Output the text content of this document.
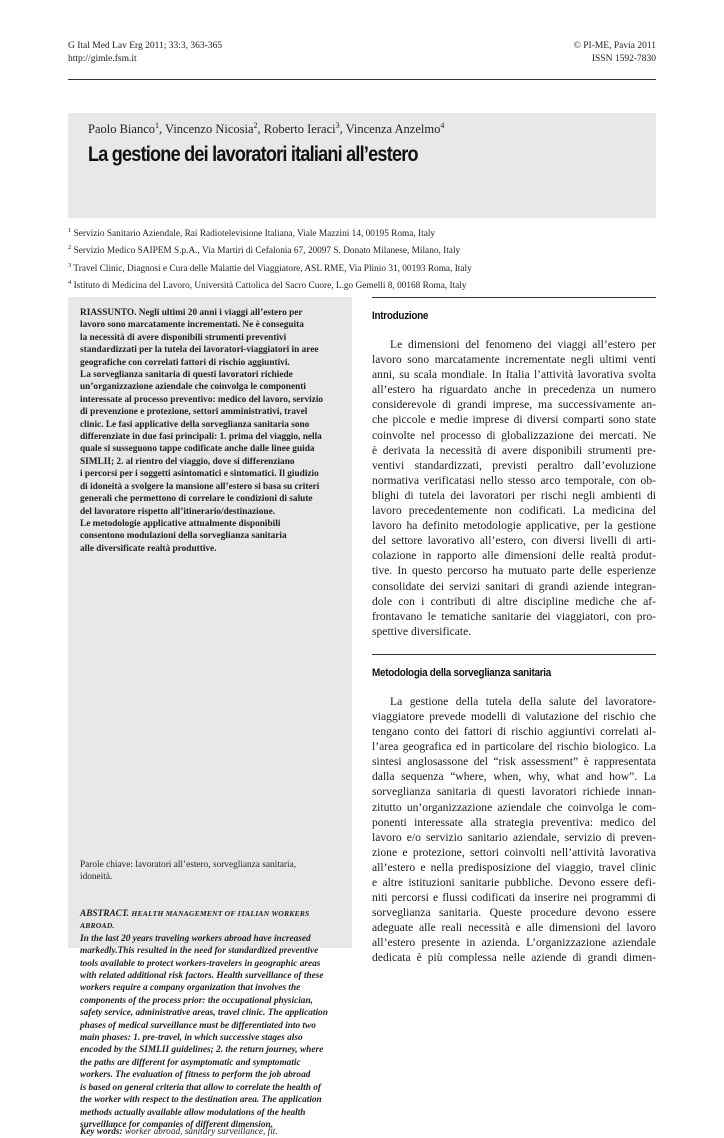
G Ital Med Lav Erg 2011; 33:3, 363-365
http://gimle.fsm.it
© PI-ME, Pavia 2011
ISSN 1592-7830
Paolo Bianco$^1$, Vincenzo Nicosia$^2$, Roberto Ieraci$^3$, Vincenza Anzelmo$^4$
La gestione dei lavoratori italiani all’estero
$^1$ Servizio Sanitario Aziendale, Rai Radiotelevisione Italiana, Viale Mazzini 14, 00195 Roma, Italy
$^2$ Servizio Medico SAIPEM S.p.A., Via Martiri di Cefalonia 67, 20097 S. Donato Milanese, Milano, Italy
$^3$ Travel Clinic, Diagnosi e Cura delle Malattie del Viaggiatore, ASL RME, Via Plinio 31, 00193 Roma, Italy
$^4$ Istituto di Medicina del Lavoro, Università Cattolica del Sacro Cuore, L.go Gemelli 8, 00168 Roma, Italy
RIASSUNTO. Negli ultimi 20 anni i viaggi all’estero per
lavoro sono marcatamente incrementati. Ne è conseguita
la necessità di avere disponibili strumenti preventivi
standardizzati per la tutela dei lavoratori-viaggiatori in aree
geografiche con correlati fattori di rischio aggiuntivi.
La sorveglianza sanitaria di questi lavoratori richiede
un’organizzazione aziendale che coinvolga le componenti
interessate al processo preventivo: medico del lavoro, servizio
di prevenzione e protezione, settori amministrativi, travel
clinic. Le fasi applicative della sorveglianza sanitaria sono
differenziate in due fasi principali: 1. prima del viaggio, nella
quale si susseguono tappe codificate anche dalle linee guida
SIMLII; 2. al rientro del viaggio, dove si differenziano
i percorsi per i soggetti asintomatici e sintomatici. Il giudizio
di idoneità a svolgere la mansione all’estero si basa su criteri
generali che permettono di correlare le condizioni di salute
del lavoratore rispetto all’itinerario/destinazione.
Le metodologie applicative attualmente disponibili
consentono modulazioni della sorveglianza sanitaria
alle diversificate realtà produttive.
Parole chiave: lavoratori all’estero, sorveglianza sanitaria,
idoneità.
ABSTRACT. HEALTH MANAGEMENT OF ITALIAN WORKERS ABROAD.
In the last 20 years traveling workers abroad have increased
markedly.This resulted in the need for standardized preventive
tools available to protect workers-travelers in geographic areas
with related additional risk factors. Health surveillance of these
workers require a company organization that involves the
components of the process prior: the occupational physician,
safety service, administrative areas, travel clinic. The application
phases of medical surveillance must be differentiated into two
main phases: 1. pre-travel, in which successive stages also
encoded by the SIMLII guidelines; 2. the return journey, where
the paths are different for asymptomatic and symptomatic
workers. The evaluation of fitness to perform the job abroad
is based on general criteria that allow to correlate the health of
the worker with respect to the destination area. The application
methods actually available allow modulations of the health
surveillance for companies of different dimension.
Key words: worker abroad, sanitary surveillance, fit.
Introduzione
Le dimensioni del fenomeno dei viaggi all’estero per
lavoro sono marcatamente incrementate negli ultimi venti
anni, su scala mondiale. In Italia l’attività lavorativa svolta
all’estero ha riguardato anche in precedenza un numero
considerevole di grandi imprese, ma successivamente an-
che piccole e medie imprese di diversi comparti sono state
coinvolte nel processo di globalizzazione dei mercati. Ne
è derivata la necessità di avere disponibili strumenti pre-
ventivi standardizzati, previsti peraltro dall’evoluzione
normativa verificatasi nello stesso arco temporale, con ob-
blighi di tutela dei lavoratori per rischi negli ambienti di
lavoro precedentemente non codificati. La medicina del
lavoro ha definito metodologie applicative, per la gestione
del settore lavorativo all’estero, con diversi livelli di arti-
colazione in rapporto alle dimensioni delle realtà produt-
tive. In questo percorso ha mutuato parte delle esperienze
consolidate dei servizi sanitari di grandi aziende integran-
dole con i contributi di altre discipline mediche che af-
frontavano le tematiche sanitarie dei viaggiatori, con pro-
spettive diversificate.
Metodologia della sorveglianza sanitaria
La gestione della tutela della salute del lavoratore-
viaggiatore prevede modelli di valutazione del rischio che
tengano conto dei fattori di rischio aggiuntivi correlati al-
l’area geografica ed in particolare del rischio biologico. La
sintesi anglosassone del “risk assessment” è rappresentata
dalla sequenza “where, when, why, what and how”. La
sorveglianza sanitaria di questi lavoratori richiede innan-
zitutto un’organizzazione aziendale che coinvolga le com-
ponenti interessate alla strategia preventiva: medico del
lavoro e/o servizio sanitario aziendale, servizio di preven-
zione e protezione, settori coinvolti nell’attività lavorativa
all’estero e nella predisposizione del viaggio, travel clinic
e altre istituzioni sanitarie pubbliche. Devono essere defi-
niti percorsi e flussi codificati da inserire nei programmi di
sorveglianza sanitaria. Queste procedure devono essere
adeguate alle reali necessità e alle dimensioni del lavoro
all’estero presente in azienda. L’organizzazione aziendale
dedicata è più complessa nelle aziende di grandi dimen-
